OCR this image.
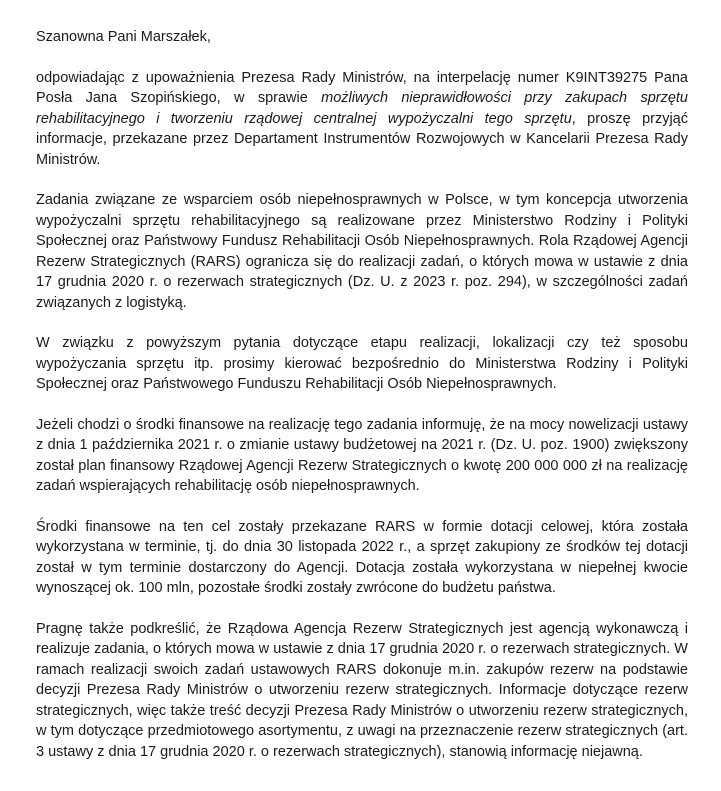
Szanowna Pani Marszałek,

odpowiadając z upoważnienia Prezesa Rady Ministrów, na interpelację numer K9INT39275 Pana Posła Jana Szopińskiego, w sprawie możliwych nieprawidłowości przy zakupach sprzętu rehabilitacyjnego i tworzeniu rządowej centralnej wypożyczalni tego sprzętu, proszę przyjąć informacje, przekazane przez Departament Instrumentów Rozwojowych w Kancelarii Prezesa Rady Ministrów.

Zadania związane ze wsparciem osób niepełnosprawnych w Polsce, w tym koncepcja utworzenia wypożyczalni sprzętu rehabilitacyjnego są realizowane przez Ministerstwo Rodziny i Polityki Społecznej oraz Państwowy Fundusz Rehabilitacji Osób Niepełnosprawnych. Rola Rządowej Agencji Rezerw Strategicznych (RARS) ogranicza się do realizacji zadań, o których mowa w ustawie z dnia 17 grudnia 2020 r. o rezerwach strategicznych (Dz. U. z 2023 r. poz. 294), w szczególności zadań związanych z logistyką.

W związku z powyższym pytania dotyczące etapu realizacji, lokalizacji czy też sposobu wypożyczania sprzętu itp. prosimy kierować bezpośrednio do Ministerstwa Rodziny i Polityki Społecznej oraz Państwowego Funduszu Rehabilitacji Osób Niepełnosprawnych.

Jeżeli chodzi o środki finansowe na realizację tego zadania informuję, że na mocy nowelizacji ustawy z dnia 1 października 2021 r. o zmianie ustawy budżetowej na 2021 r. (Dz. U. poz. 1900) zwiększony został plan finansowy Rządowej Agencji Rezerw Strategicznych o kwotę 200 000 000 zł na realizację zadań wspierających rehabilitację osób niepełnosprawnych.

Środki finansowe na ten cel zostały przekazane RARS w formie dotacji celowej, która została wykorzystana w terminie, tj. do dnia 30 listopada 2022 r., a sprzęt zakupiony ze środków tej dotacji został w tym terminie dostarczony do Agencji. Dotacja została wykorzystana w niepełnej kwocie wynoszącej ok. 100 mln, pozostałe środki zostały zwrócone do budżetu państwa.

Pragnę także podkreślić, że Rządowa Agencja Rezerw Strategicznych jest agencją wykonawczą i realizuje zadania, o których mowa w ustawie z dnia 17 grudnia 2020 r. o rezerwach strategicznych. W ramach realizacji swoich zadań ustawowych RARS dokonuje m.in. zakupów rezerw na podstawie decyzji Prezesa Rady Ministrów o utworzeniu rezerw strategicznych. Informacje dotyczące rezerw strategicznych, więc także treść decyzji Prezesa Rady Ministrów o utworzeniu rezerw strategicznych, w tym dotyczące przedmiotowego asortymentu, z uwagi na przeznaczenie rezerw strategicznych (art. 3 ustawy z dnia 17 grudnia 2020 r. o rezerwach strategicznych), stanowią informację niejawną.
